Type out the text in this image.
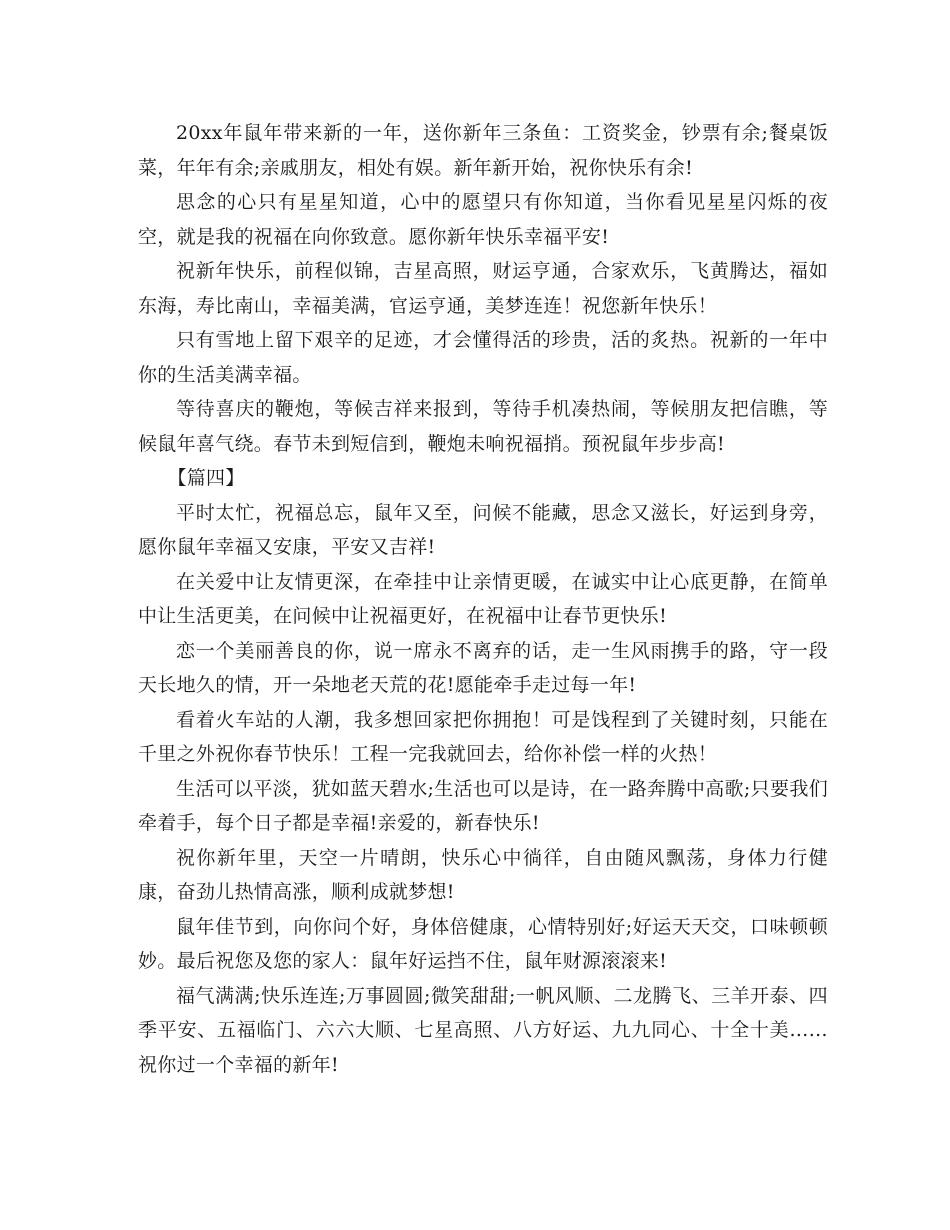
20xx年鼠年带来新的一年，送你新年三条鱼：工资奖金，钞票有余;餐桌饭菜，年年有余;亲戚朋友，相处有娱。新年新开始，祝你快乐有余!

思念的心只有星星知道，心中的愿望只有你知道，当你看见星星闪烁的夜空，就是我的祝福在向你致意。愿你新年快乐幸福平安!

祝新年快乐，前程似锦，吉星高照，财运亨通，合家欢乐，飞黄腾达，福如东海，寿比南山，幸福美满，官运亨通，美梦连连！祝您新年快乐！

只有雪地上留下艰辛的足迹，才会懂得活的珍贵，活的炙热。祝新的一年中你的生活美满幸福。

等待喜庆的鞭炮，等候吉祥来报到，等待手机凑热闹，等候朋友把信瞧，等候鼠年喜气绕。春节未到短信到，鞭炮未响祝福捎。预祝鼠年步步高!

【篇四】

平时太忙，祝福总忘，鼠年又至，问候不能藏，思念又滋长，好运到身旁，愿你鼠年幸福又安康，平安又吉祥!

在关爱中让友情更深，在牵挂中让亲情更暖，在诚实中让心底更静，在简单中让生活更美，在问候中让祝福更好，在祝福中让春节更快乐!

恋一个美丽善良的你，说一席永不离弃的话，走一生风雨携手的路，守一段天长地久的情，开一朵地老天荒的花!愿能牵手走过每一年!

看着火车站的人潮，我多想回家把你拥抱！可是饯程到了关键时刻，只能在千里之外祝你春节快乐！工程一完我就回去，给你补偿一样的火热！

生活可以平淡，犹如蓝天碧水;生活也可以是诗，在一路奔腾中高歌;只要我们牵着手，每个日子都是幸福!亲爱的，新春快乐!

祝你新年里，天空一片晴朗，快乐心中徜徉，自由随风飘荡，身体力行健康，奋劲儿热情高涨，顺利成就梦想!

鼠年佳节到，向你问个好，身体倍健康，心情特别好;好运天天交，口味顿顿妙。最后祝您及您的家人：鼠年好运挡不住，鼠年财源滚滚来!

福气满满;快乐连连;万事圆圆;微笑甜甜;一帆风顺、二龙腾飞、三羊开泰、四季平安、五福临门、六六大顺、七星高照、八方好运、九九同心、十全十美……祝你过一个幸福的新年!
